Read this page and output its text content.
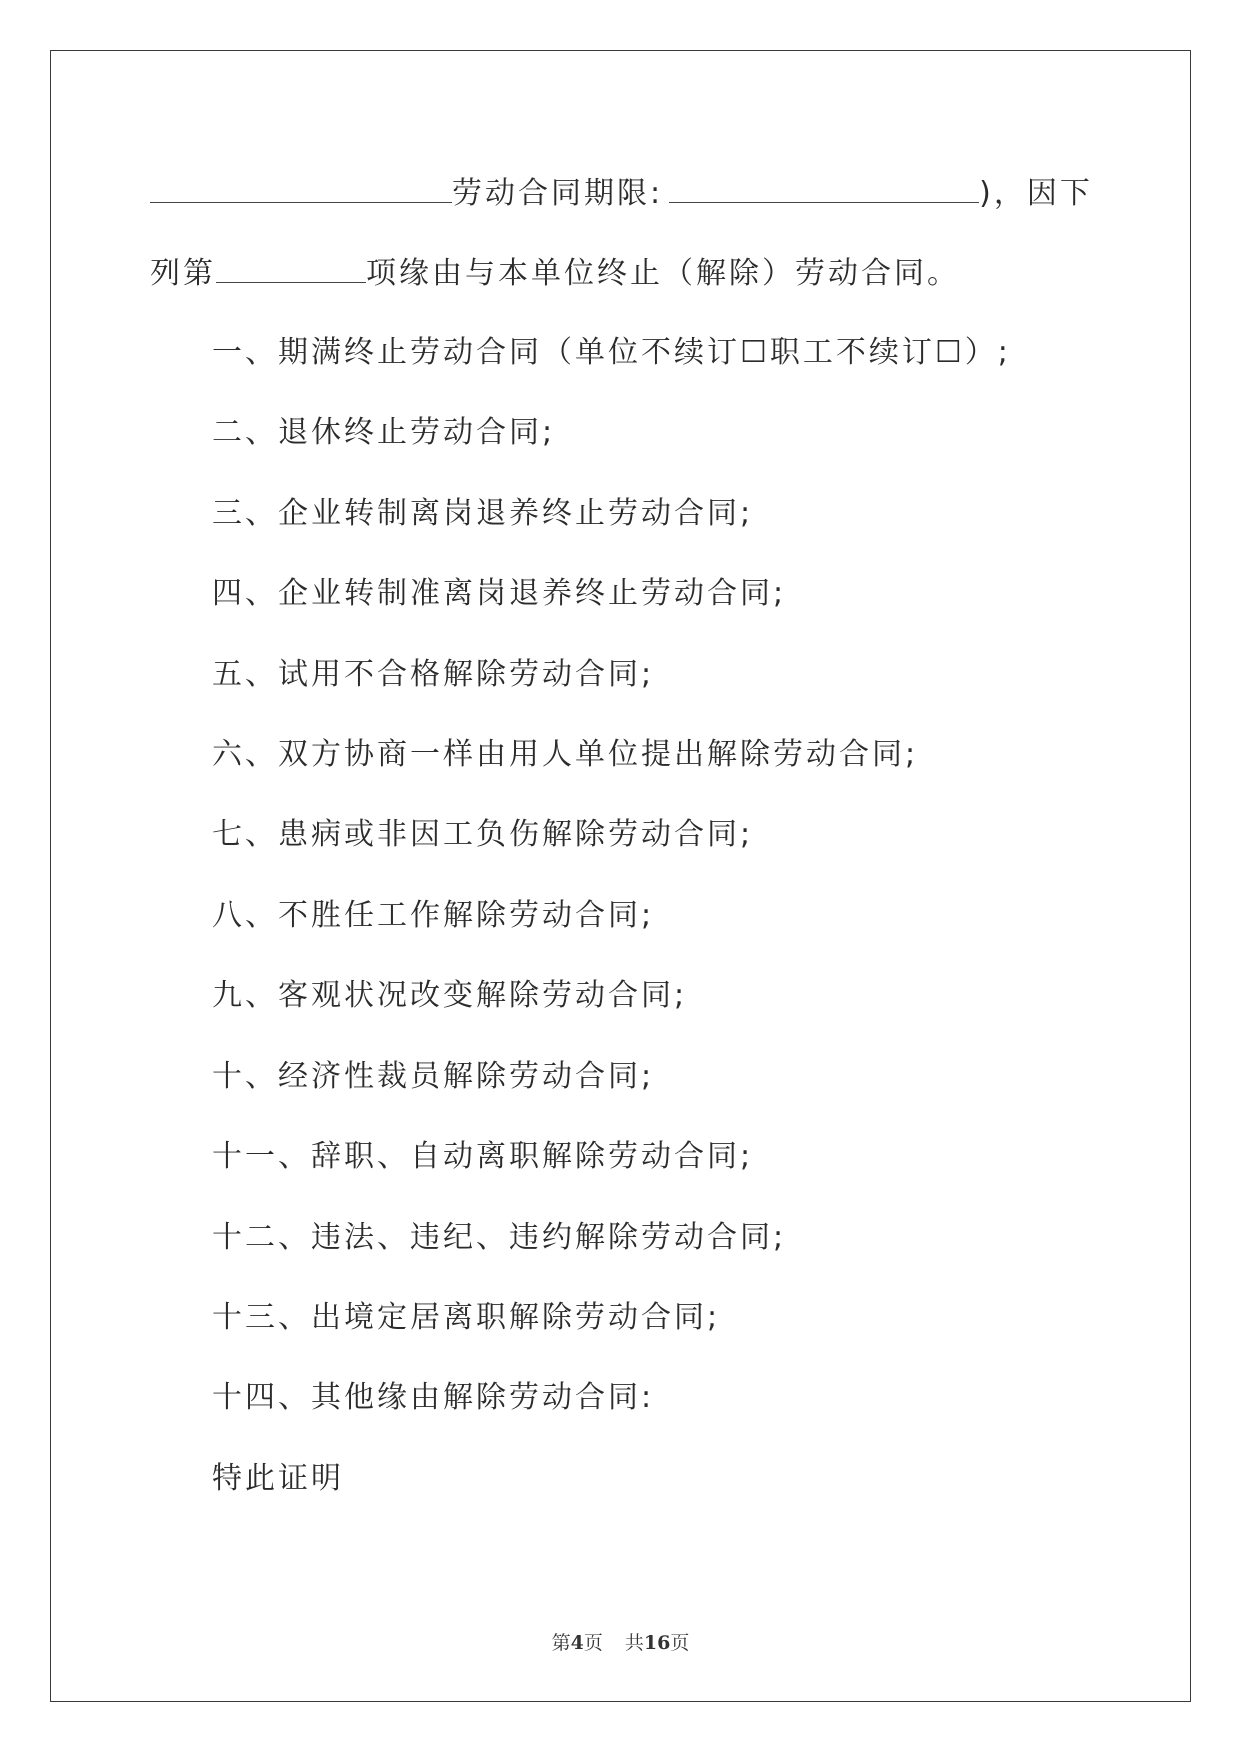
劳动合同期限:	)，因下
列第	项缘由与本单位终止（解除）劳动合同。
一、期满终止劳动合同（单位不续订☐职工不续订☐）;
二、退休终止劳动合同;
三、企业转制离岗退养终止劳动合同;
四、企业转制准离岗退养终止劳动合同;
五、试用不合格解除劳动合同;
六、双方协商一样由用人单位提出解除劳动合同;
七、患病或非因工负伤解除劳动合同;
八、不胜任工作解除劳动合同;
九、客观状况改变解除劳动合同;
十、经济性裁员解除劳动合同;
十一、辞职、自动离职解除劳动合同;
十二、违法、违纪、违约解除劳动合同;
十三、出境定居离职解除劳动合同;
十四、其他缘由解除劳动合同:
特此证明
第4页 共16页
